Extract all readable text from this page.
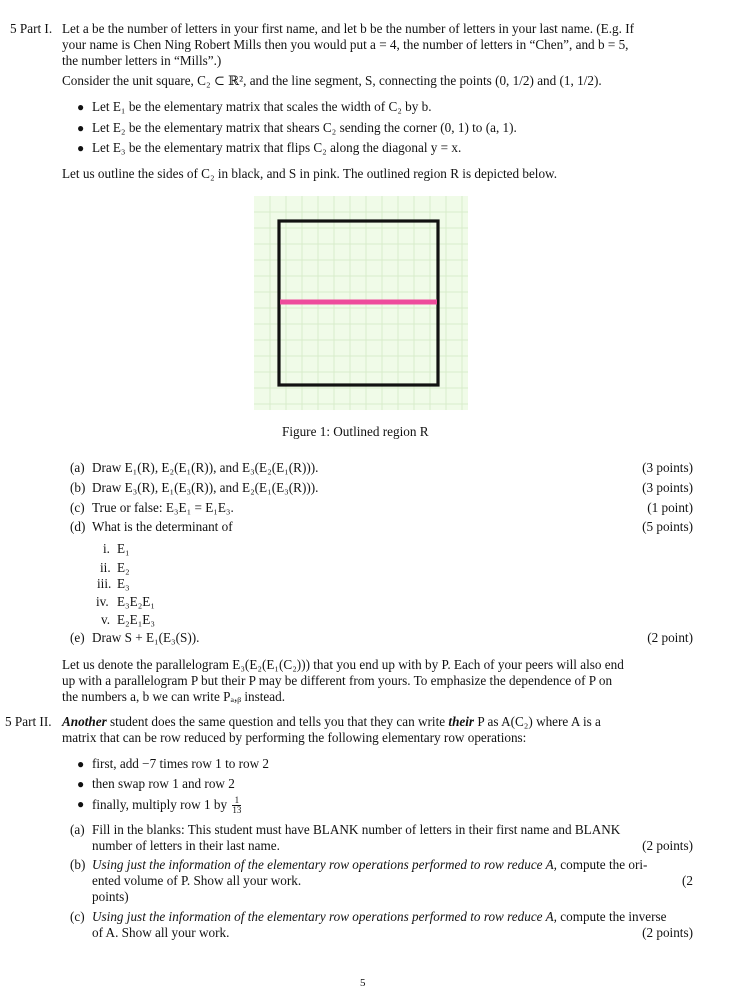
5 Part I. Let a be the number of letters in your first name, and let b be the number of letters in your last name. (E.g. If
your name is Chen Ning Robert Mills then you would put a = 4, the number of letters in “Chen”, and b = 5,
the number letters in “Mills”.)
Consider the unit square, C₂ ⊂ ℝ², and the line segment, S, connecting the points (0, 1/2) and (1, 1/2).
● Let E₁ be the elementary matrix that scales the width of C₂ by b.
● Let E₂ be the elementary matrix that shears C₂ sending the corner (0, 1) to (a, 1).
● Let E₃ be the elementary matrix that flips C₂ along the diagonal y = x.
Let us outline the sides of C₂ in black, and S in pink. The outlined region R is depicted below.
Figure 1: Outlined region R
(a) Draw E₁(R), E₂(E₁(R)), and E₃(E₂(E₁(R))).	(3 points)
(b) Draw E₃(R), E₁(E₃(R)), and E₂(E₁(E₃(R))).	(3 points)
(c) True or false: E₃E₁ = E₁E₃.	(1 point)
(d) What is the determinant of	(5 points)
i. E₁
ii. E₂
iii. E₃
iv. E₃E₂E₁
v. E₂E₁E₃
(e) Draw S + E₁(E₃(S)).	(2 point)
Let us denote the parallelogram E₃(E₂(E₁(C₂))) that you end up with by P. Each of your peers will also end
up with a parallelogram P but their P may be different from yours. To emphasize the dependence of P on
the numbers a, b we can write Pₐ,ᵦ instead.
5 Part II. Another student does the same question and tells you that they can write their P as A(C₂) where A is a
matrix that can be row reduced by performing the following elementary row operations:
● first, add −7 times row 1 to row 2
● then swap row 1 and row 2
● finally, multiply row 1 by $\frac{1}{13}$
(a) Fill in the blanks: This student must have BLANK number of letters in their first name and BLANK
number of letters in their last name.	(2 points)
(b) Using just the information of the elementary row operations performed to row reduce A, compute the ori-
ented volume of P. Show all your work.	(2
points)
(c) Using just the information of the elementary row operations performed to row reduce A, compute the inverse
of A. Show all your work.	(2 points)
5
